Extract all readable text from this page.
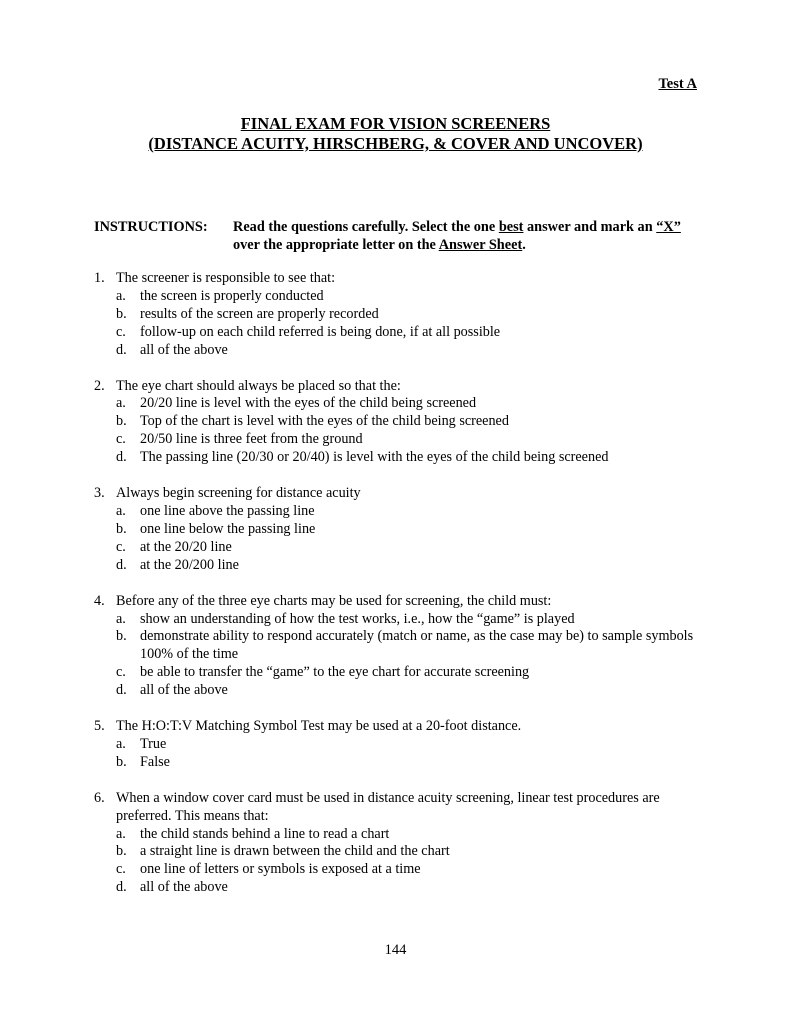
Test A
FINAL EXAM FOR VISION SCREENERS
(DISTANCE ACUITY, HIRSCHBERG, & COVER AND UNCOVER)
INSTRUCTIONS: Read the questions carefully. Select the one best answer and mark an “X” over the appropriate letter on the Answer Sheet.
1. The screener is responsible to see that:
a. the screen is properly conducted
b. results of the screen are properly recorded
c. follow-up on each child referred is being done, if at all possible
d. all of the above
2. The eye chart should always be placed so that the:
a. 20/20 line is level with the eyes of the child being screened
b. Top of the chart is level with the eyes of the child being screened
c. 20/50 line is three feet from the ground
d. The passing line (20/30 or 20/40) is level with the eyes of the child being screened
3. Always begin screening for distance acuity
a. one line above the passing line
b. one line below the passing line
c. at the 20/20 line
d. at the 20/200 line
4. Before any of the three eye charts may be used for screening, the child must:
a. show an understanding of how the test works, i.e., how the “game” is played
b. demonstrate ability to respond accurately (match or name, as the case may be) to sample symbols 100% of the time
c. be able to transfer the “game” to the eye chart for accurate screening
d. all of the above
5. The H:O:T:V Matching Symbol Test may be used at a 20-foot distance.
a. True
b. False
6. When a window cover card must be used in distance acuity screening, linear test procedures are preferred. This means that:
a. the child stands behind a line to read a chart
b. a straight line is drawn between the child and the chart
c. one line of letters or symbols is exposed at a time
d. all of the above
144
